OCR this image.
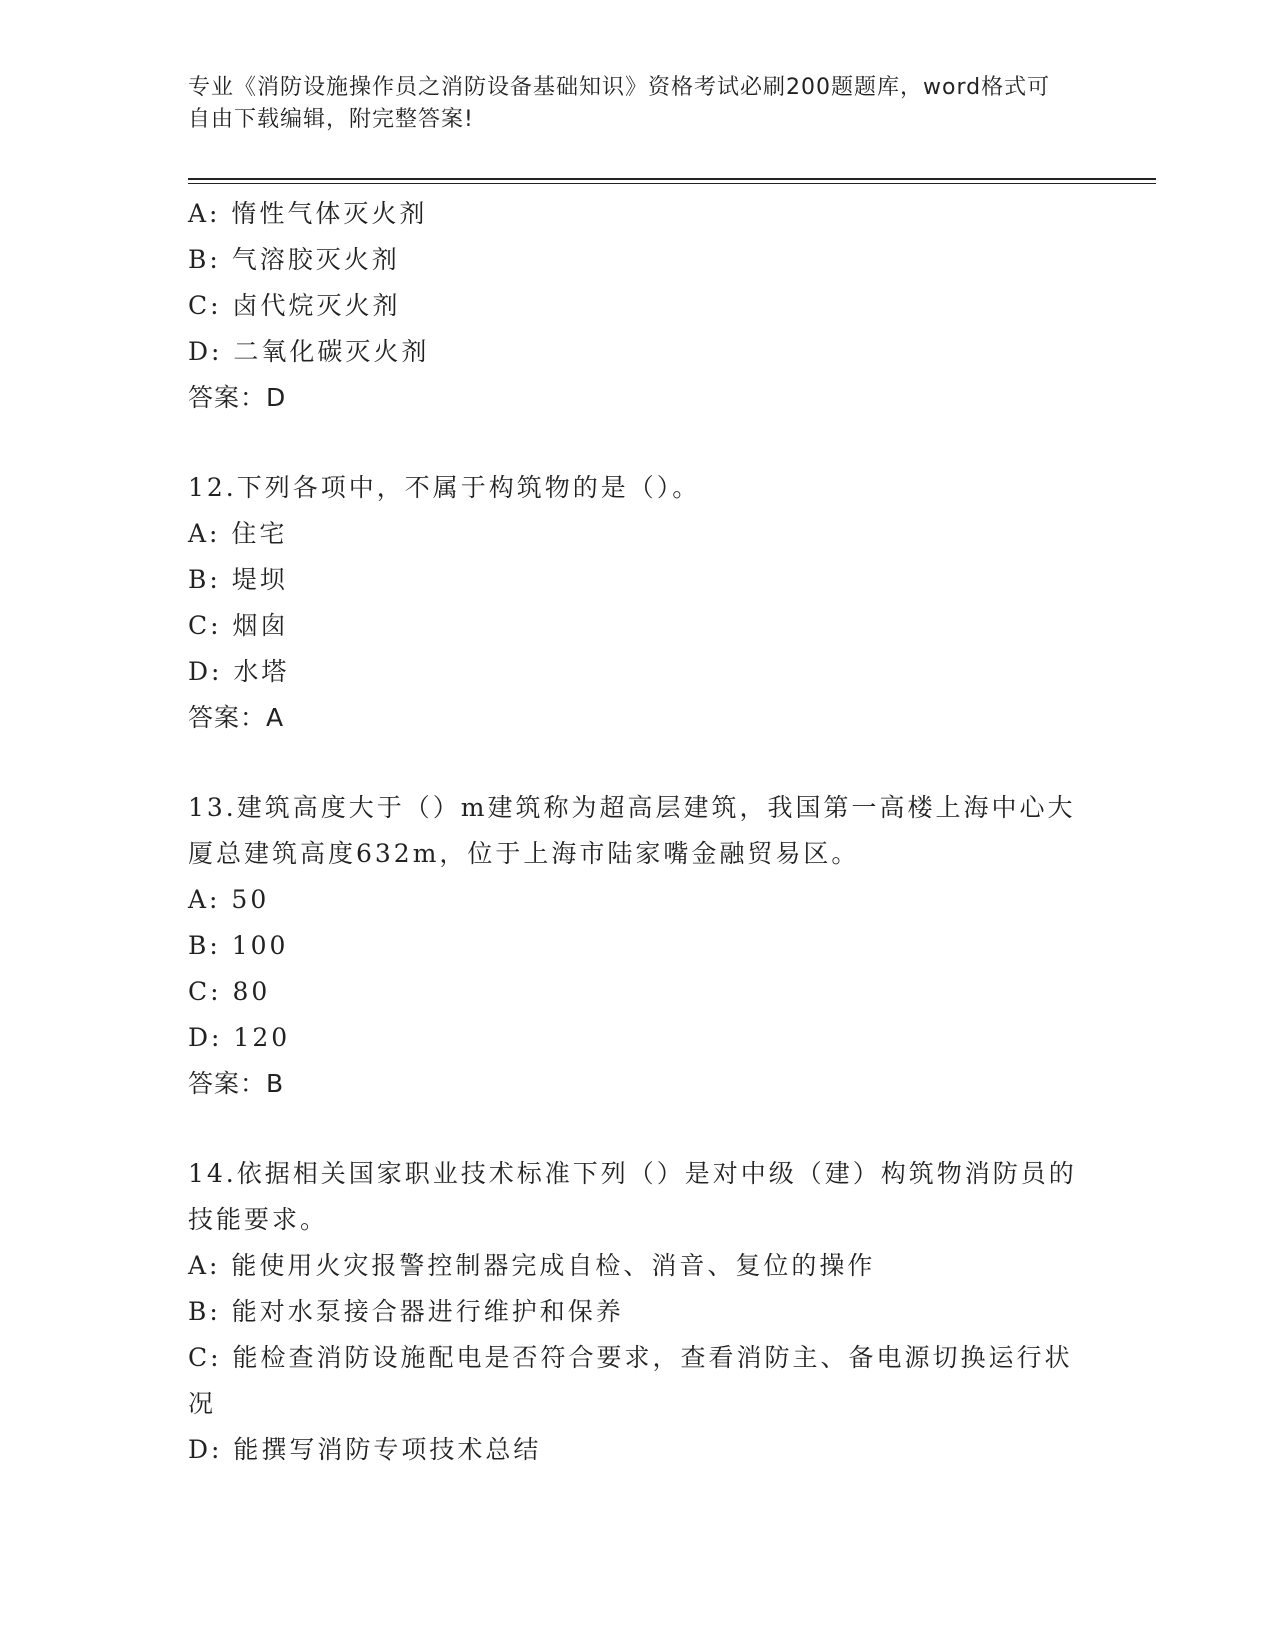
专业《消防设施操作员之消防设备基础知识》资格考试必刷200题题库，word格式可自由下载编辑，附完整答案!
A: 惰性气体灭火剂
B: 气溶胶灭火剂
C: 卤代烷灭火剂
D: 二氧化碳灭火剂
答案：D
12.下列各项中，不属于构筑物的是（）。
A: 住宅
B: 堤坝
C: 烟囱
D: 水塔
答案：A
13.建筑高度大于（）m建筑称为超高层建筑，我国第一高楼上海中心大厦总建筑高度632m，位于上海市陆家嘴金融贸易区。
A: 50
B: 100
C: 80
D: 120
答案：B
14.依据相关国家职业技术标准下列（）是对中级（建）构筑物消防员的技能要求。
A: 能使用火灾报警控制器完成自检、消音、复位的操作
B: 能对水泵接合器进行维护和保养
C: 能检查消防设施配电是否符合要求，查看消防主、备电源切换运行状况
D: 能撰写消防专项技术总结
